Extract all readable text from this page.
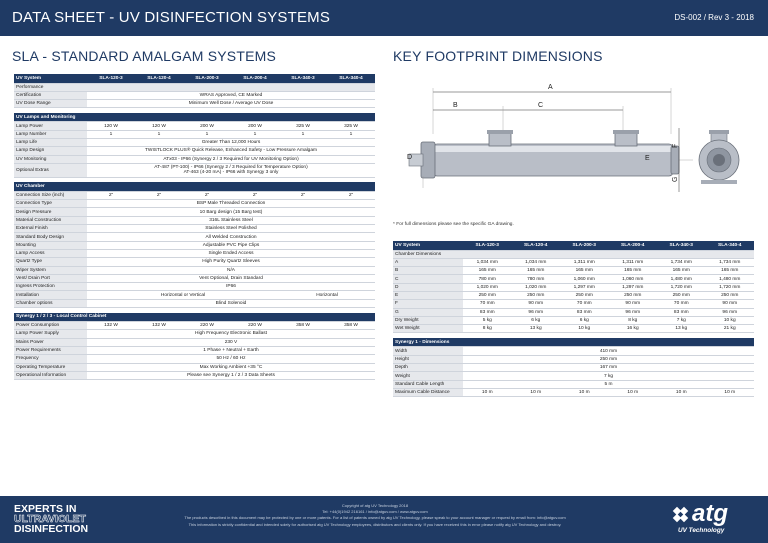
DATA SHEET - UV DISINFECTION SYSTEMS	DS-002 / Rev 3 - 2018
SLA - STANDARD AMALGAM SYSTEMS	KEY FOOTPRINT DIMENSIONS
UV System	SLA-120-3	SLA-120-4	SLA-200-3	SLA-200-4	SLA-340-3	SLA-340-4
Performance						
Certification	WRAS Approved, CE Marked					
UV Dose Range	Minimum Well Dose / Average UV Dose					

UV Lamps and Monitoring						
Lamp Power	120 W	120 W	200 W	200 W	325 W	325 W
Lamp Number	1	1	1	1	1	1
Lamp Life	Greater Than 12,000 Hours					
Lamp Design	TWISTLOCK PLUS® Quick Release, Enhanced Safety - Low Pressure Amalgam					
UV Monitoring	ATx03 - IP66 (Synergy 2 / 3 Required for UV Monitoring Option)					
Optional Extras	AT-487 (PT-100) - IP66 (Synergy 2 / 3 Required for Temperature Option)
AT-463 (4-20 mA) - IP66 with Synergy 3 only					

UV Chamber						
Connection Size (inch)	2"	2"	2"	2"	2"	2"
Connection Type	BSP Male Threaded Connection					
Design Pressure	10 Barg design (15 Barg test)					
Material Construction	316L Stainless Steel					
External Finish	Stainless Steel Polished					
Standard Body Design	All Welded Construction					
Mounting	Adjustable PVC Pipe Clips					
Lamp Access	Single Ended Access					
Quartz Type	High Purity Quartz Sleeves					
Wiper System	N/A					
Vent/ Drain Port	Vent Optional, Drain Standard					
Ingress Protection	IP66					
Installation	Horizontal or Vertical				Horizontal	
Chamber options	Blind Solenoid					

Synergy 1 / 2 / 3 - Local Control Cabinet						
Power Consumption	132 W	132 W	220 W	220 W	358 W	358 W
Lamp Power Supply	High Frequency Electronic Ballast					
Mains Power	230 V					
Power Requirements	1 Phase + Neutral + Earth					
Frequency	50 Hz / 60 Hz					
Operating Temperature	Max Working Ambient +35 °C					
Operational Information	Please see Synergy 1 / 2 / 3 Data Sheets					
A
B	C
D	E
F
G
* For full dimensions please see the specific GA drawing.
UV System	SLA-120-3	SLA-120-4	SLA-200-3	SLA-200-4	SLA-340-3	SLA-340-4
Chamber Dimensions						
A	1,034 mm	1,034 mm	1,311 mm	1,311 mm	1,734 mm	1,734 mm
B	165 mm	165 mm	165 mm	165 mm	165 mm	165 mm
C	780 mm	780 mm	1,060 mm	1,060 mm	1,480 mm	1,480 mm
D	1,020 mm	1,020 mm	1,297 mm	1,297 mm	1,720 mm	1,720 mm
E	250 mm	250 mm	250 mm	250 mm	250 mm	250 mm
F	70 mm	90 mm	70 mm	90 mm	70 mm	90 mm
G	83 mm	96 mm	83 mm	96 mm	83 mm	96 mm
Dry Weight	5 kg	6 kg	6 kg	8 kg	7 kg	10 kg
Wet Weight	8 kg	13 kg	10 kg	16 kg	13 kg	21 kg

Synergy 1 - Dimensions						
Width	410 mm					
Height	250 mm					
Depth	167 mm					
Weight	7 kg					
Standard Cable Length	5 m					
Maximum Cable Distance	10 m	10 m	10 m	10 m	10 m	10 m
EXPERTS IN
ULTRAVIOLET
DISINFECTION
Copyright of atg UV Technology 2018
Tel: +44(0)1942 216161 / info@atguv.com / www.atguv.com
The products described in this document may be protected by one or more patents. For a list of patents owned by atg UV Technology, please speak to your account manager or request by email from: info@atguv.com
This information is strictly confidential and intended solely for authorised atg UV Technology employees, distributors and clients only. If you have received this in error please notify atg UV Technology and destroy.	atg
UV Technology
